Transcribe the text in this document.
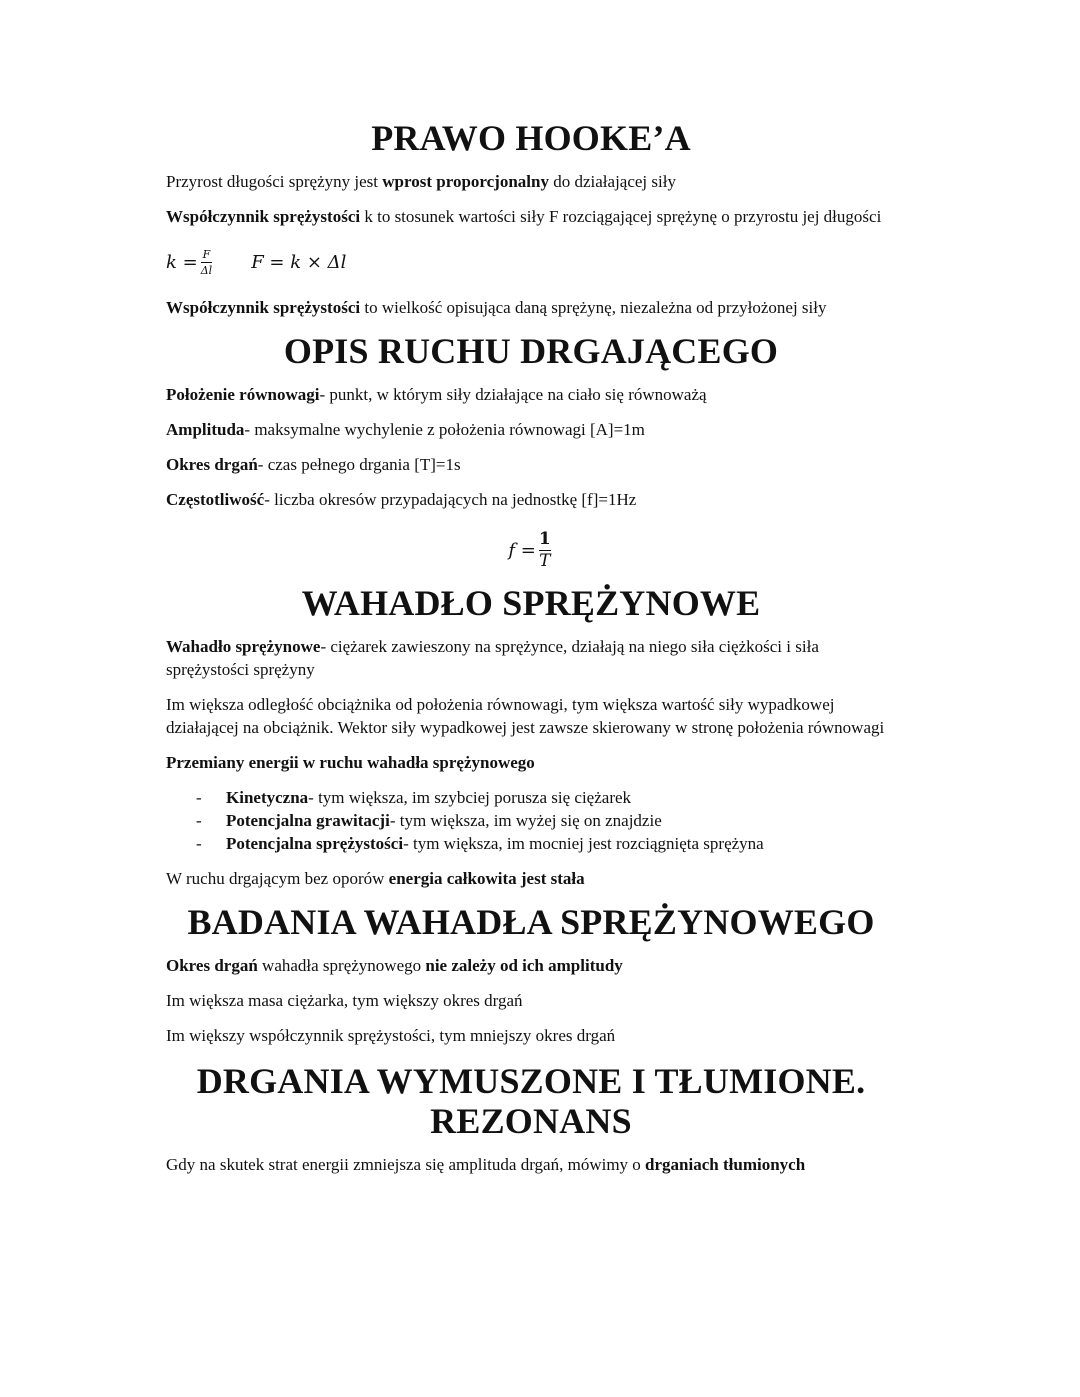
PRAWO HOOKE’A

Przyrost długości sprężyny jest wprost proporcjonalny do działającej siły

Współczynnik sprężystości k to stosunek wartości siły F rozciągającej sprężynę o przyrostu jej długości

$k = \frac{F}{\Delta l}$ F = k × Δl

Współczynnik sprężystości to wielkość opisująca daną sprężynę, niezależna od przyłożonej siły

OPIS RUCHU DRGAJĄCEGO

Położenie równowagi- punkt, w którym siły działające na ciało się równoważą

Amplituda- maksymalne wychylenie z położenia równowagi [A]=1m

Okres drgań- czas pełnego drgania [T]=1s

Częstotliwość- liczba okresów przypadających na jednostkę [f]=1Hz

$f = \frac{1}{T}$
WAHADŁO SPRĘŻYNOWE

Wahadło sprężynowe- ciężarek zawieszony na sprężynce, działają na niego siła ciężkości i siła sprężystości sprężyny

Im większa odległość obciążnika od położenia równowagi, tym większa wartość siły wypadkowej działającej na obciążnik. Wektor siły wypadkowej jest zawsze skierowany w stronę położenia równowagi

Przemiany energii w ruchu wahadła sprężynowego

- Kinetyczna- tym większa, im szybciej porusza się ciężarek
- Potencjalna grawitacji- tym większa, im wyżej się on znajdzie
- Potencjalna sprężystości- tym większa, im mocniej jest rozciągnięta sprężyna

W ruchu drgającym bez oporów energia całkowita jest stała

BADANIA WAHADŁA SPRĘŻYNOWEGO

Okres drgań wahadła sprężynowego nie zależy od ich amplitudy

Im większa masa ciężarka, tym większy okres drgań

Im większy współczynnik sprężystości, tym mniejszy okres drgań

DRGANIA WYMUSZONE I TŁUMIONE.
REZONANS

Gdy na skutek strat energii zmniejsza się amplituda drgań, mówimy o drganiach tłumionych
